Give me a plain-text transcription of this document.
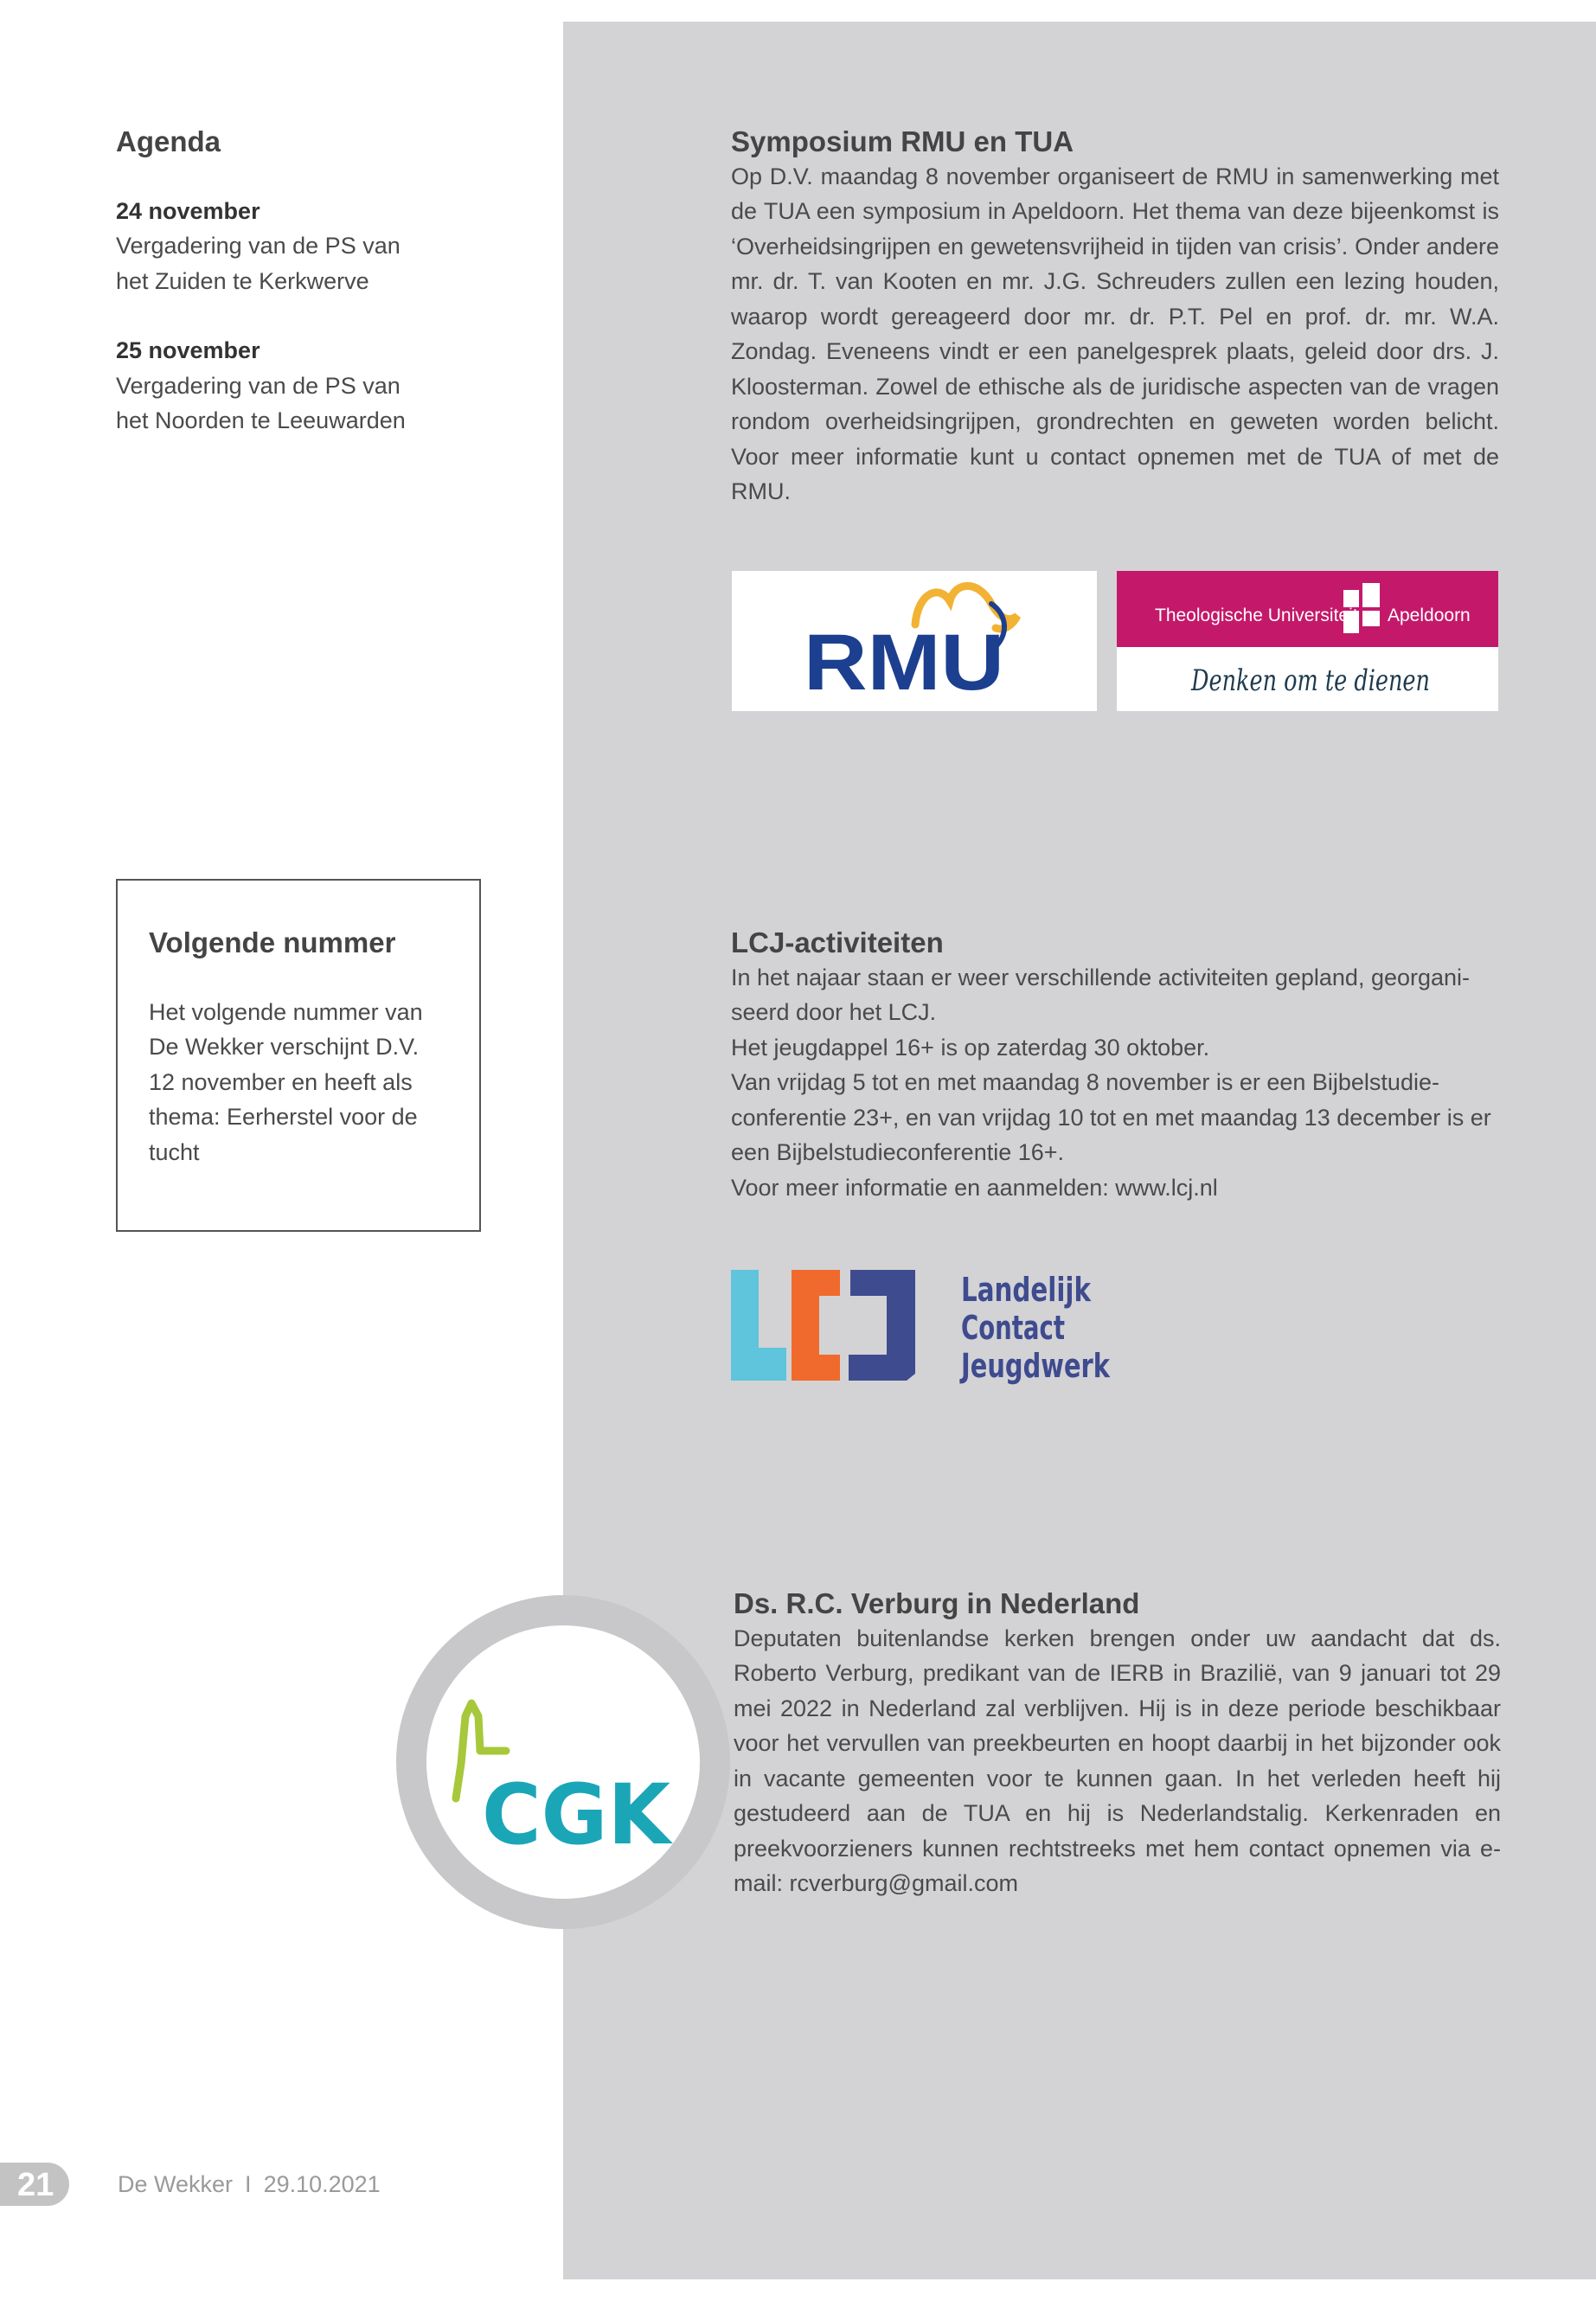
Agenda
24 november
Vergadering van de PS van
het Zuiden te Kerkwerve
25 november
Vergadering van de PS van
het Noorden te Leeuwarden
Volgende nummer

Het volgende nummer van De Wekker verschijnt D.V. 12 november en heeft als thema: Eerherstel voor de tucht

Symposium RMU en TUA

Op D.V. maandag 8 november organiseert de RMU in samenwerking met de TUA een symposium in Apeldoorn. Het thema van deze bijeenkomst is ‘Overheidsingrijpen en gewetensvrijheid in tijden van crisis’. Onder andere mr. dr. T. van Kooten en mr. J.G. Schreuders zullen een lezing houden, waarop wordt gereageerd door mr. dr. P.T. Pel en prof. dr. mr. W.A. Zondag. Eveneens vindt er een panelgesprek plaats, geleid door drs. J. Kloosterman. Zowel de ethische als de juridische aspecten van de vragen rondom overheidsingrijpen, grondrechten en geweten worden belicht. Voor meer informatie kunt u contact opnemen met de TUA of met de RMU.

RMU
Theologische Universiteit Apeldoorn
Denken om te dienen
LCJ-activiteiten

In het najaar staan er weer verschillende activiteiten gepland, georganiseerd door het LCJ.

Het jeugdappel 16+ is op zaterdag 30 oktober.

Van vrijdag 5 tot en met maandag 8 november is er een Bijbelstudieconferentie 23+, en van vrijdag 10 tot en met maandag 13 december is er een Bijbelstudieconferentie 16+.

Voor meer informatie en aanmelden: www.lcj.nl

Landelijk
Contact
Jeugdwerk
CGK
Ds. R.C. Verburg in Nederland

Deputaten buitenlandse kerken brengen onder uw aandacht dat ds. Roberto Verburg, predikant van de IERB in Brazilië, van 9 januari tot 29 mei 2022 in Nederland zal verblijven. Hij is in deze periode beschikbaar voor het vervullen van preekbeurten en hoopt daarbij in het bijzonder ook in vacante gemeenten voor te kunnen gaan. In het verleden heeft hij gestudeerd aan de TUA en hij is Nederlandstalig. Kerkenraden en preekvoorzieners kunnen rechtstreeks met hem contact opnemen via e-mail: rcverburg@gmail.com

21	De Wekker I 29.10.2021
